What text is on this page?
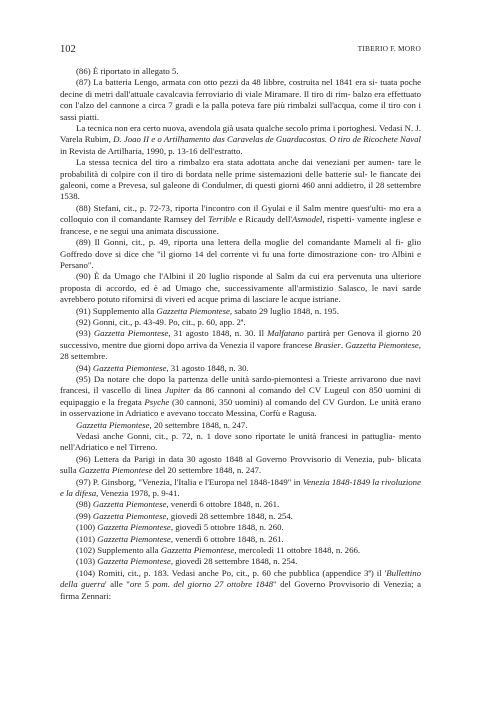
102	TIBERIO F. MORO

(86) È riportato in allegato 5.

(87) La batteria Lengo, armata con otto pezzi da 48 libbre, costruita nel 1841 era si- tuata poche decine di metri dall'attuale cavalcavia ferroviario di viale Miramare. Il tiro di rim- balzo era effettuato con l'alzo del cannone a circa 7 gradi e la palla poteva fare più rimbalzi sull'acqua, come il tiro con i sassi piatti.

La tecnica non era certo nuova, avendola già usata qualche secolo prima i portoghesi. Vedasi N. J. Varela Rubim, D. Joao II e o Artilhamento das Caravelas de Guardacostas. O tiro de Ricochete Naval in Revista de Artilharia, 1990, p. 13-16 dell'estratto.

La stessa tecnica del tiro a rimbalzo era stata adottata anche dai veneziani per aumen- tare le probabilità di colpire con il tiro di bordata nelle prime sistemazioni delle batterie sul- le fiancate dei galeoni, come a Prevesa, sul galeone di Condulmer, di questi giorni 460 anni addietro, il 28 settembre 1538.

(88) Stefani, cit., p. 72-73, riporta l'incontro con il Gyulai e il Salm mentre quest'ulti- mo era a colloquio con il comandante Ramsey del Terrible e Ricaudy dell'Asmodel, rispetti- vamente inglese e francese, e ne segui una animata discussione.

(89) Il Gonni, cit., p. 49, riporta una lettera della moglie del comandante Mameli al fi- glio Goffredo dove si dice che "il giorno 14 del corrente vi fu una forte dimostrazione con- tro Albini e Persano".

(90) È da Umago che l'Albini il 20 luglio risponde al Salm da cui era pervenuta una ulteriore proposta di accordo, ed è ad Umago che, successivamente all'armistizio Salasco, le navi sarde avrebbero potuto rifornirsi di viveri ed acque prima di lasciare le acque istriane.

(91) Supplemento alla Gazzetta Piemontese, sabato 29 luglio 1848, n. 195.

(92) Gonni, cit., p. 43-49. Po, cit., p. 60, app. 2ª.

(93) Gazzetta Piemontese, 31 agosto 1848, n. 30. Il Malfatano partirà per Genova il giorno 20 successivo, mentre due giorni dopo arriva da Venezia il vapore francese Brasier. Gazzetta Piemontese, 28 settembre.

(94) Gazzetta Piemontese, 31 agosto 1848, n. 30.

(95) Da notare che dopo la partenza delle unità sardo-piemontesi a Trieste arrivarono due navi francesi, il vascello di linea Jupiter da 86 cannoni al comando del CV Lugeul con 850 uomini di equipaggio e la fregata Psyche (30 cannoni, 350 uomini) al comando del CV Gurdon. Le unità erano in osservazione in Adriatico e avevano toccato Messina, Corfù e Ragusa.

Gazzetta Piemontese, 20 settembre 1848, n. 247.

Vedasi anche Gonni, cit., p. 72, n. 1 dove sono riportate le unità francesi in pattuglia- mento nell'Adriatico e nel Tirreno.

(96) Lettera da Parigi in data 30 agosto 1848 al Governo Provvisorio di Venezia, pub- blicata sulla Gazzetta Piemontese del 20 settembre 1848, n. 247.

(97) P. Ginsborg, "Venezia, l'Italia e l'Europa nel 1848-1849" in Venezia 1848-1849 la rivoluzione e la difesa, Venezia 1978, p. 9-41.

(98) Gazzetta Piemontese, venerdì 6 ottobre 1848, n. 261.

(99) Gazzetta Piemontese, giovedì 28 settembre 1848, n. 254.

(100) Gazzetta Piemontese, giovedì 5 ottobre 1848, n. 260.

(101) Gazzetta Piemontese, venerdì 6 ottobre 1848, n. 261.

(102) Supplemento alla Gazzetta Piemontese, mercoledì 11 ottobre 1848, n. 266.

(103) Gazzetta Piemontese, giovedì 28 settembre 1848, n. 254.

(104) Romiti, cit., p. 183. Vedasi anche Po, cit., p. 60 che pubblica (appendice 3ª) il 'Bullettino della guerra' alle "ore 5 pom. del giorno 27 ottobre 1848" del Governo Provvisorio di Venezia; a firma Zennari:
